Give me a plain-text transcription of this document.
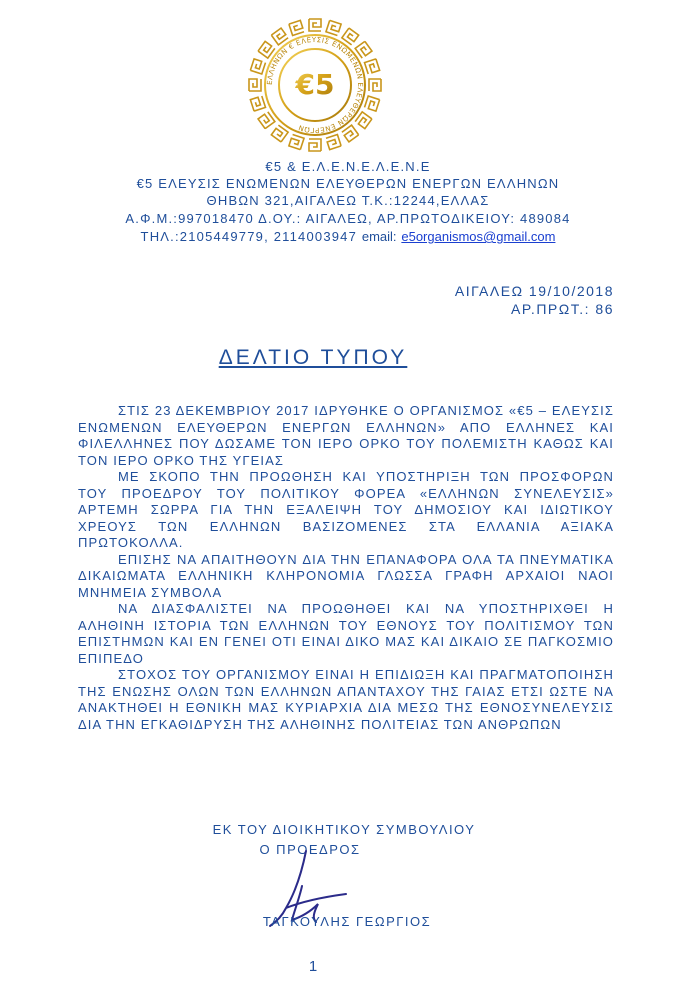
ΕΛΛΗΝΩΝ € ΕΛΕΥΣΙΣ ΕΝΩΜΕΝΩΝ ΕΛΕΥΘΕΡΩΝ ΕΝΕΡΓΩΝ
€5
€5 & Ε.Λ.Ε.Ν.Ε.Λ.Ε.Ν.Ε
€5 ΕΛΕΥΣΙΣ ΕΝΩΜΕΝΩΝ ΕΛΕΥΘΕΡΩΝ ΕΝΕΡΓΩΝ ΕΛΛΗΝΩΝ
ΘΗΒΩΝ 321,ΑΙΓΑΛΕΩ Τ.Κ.:12244,ΕΛΛΑΣ
Α.Φ.Μ.:997018470 Δ.ΟΥ.: ΑΙΓΑΛΕΩ, ΑΡ.ΠΡΩΤΟΔΙΚΕΙΟΥ: 489084
ΤΗΛ.:2105449779, 2114003947 email: e5organismos@gmail.com
ΑΙΓΑΛΕΩ 19/10/2018
ΑΡ.ΠΡΩΤ.: 86
ΔΕΛΤΙΟ ΤΥΠΟΥ

ΣΤΙΣ 23 ΔΕΚΕΜΒΡΙΟΥ 2017 ΙΔΡΥΘΗΚΕ Ο ΟΡΓΑΝΙΣΜΟΣ «€5 – ΕΛΕΥΣΙΣ ΕΝΩΜΕΝΩΝ ΕΛΕΥΘΕΡΩΝ ΕΝΕΡΓΩΝ ΕΛΛΗΝΩΝ» ΑΠΟ ΕΛΛΗΝΕΣ ΚΑΙ ΦΙΛΕΛΛΗΝΕΣ ΠΟΥ ΔΩΣΑΜΕ ΤΟΝ ΙΕΡΟ ΟΡΚΟ ΤΟΥ ΠΟΛΕΜΙΣΤΗ ΚΑΘΩΣ ΚΑΙ ΤΟΝ ΙΕΡΟ ΟΡΚΟ ΤΗΣ ΥΓΕΙΑΣ

ΜΕ ΣΚΟΠΟ ΤΗΝ ΠΡΟΩΘΗΣΗ ΚΑΙ ΥΠΟΣΤΗΡΙΞΗ ΤΩΝ ΠΡΟΣΦΟΡΩΝ ΤΟΥ ΠΡΟΕΔΡΟΥ ΤΟΥ ΠΟΛΙΤΙΚΟΥ ΦΟΡΕΑ «ΕΛΛΗΝΩΝ ΣΥΝΕΛΕΥΣΙΣ» ΑΡΤΕΜΗ ΣΩΡΡΑ ΓΙΑ ΤΗΝ ΕΞΑΛΕΙΨΗ ΤΟΥ ΔΗΜΟΣΙΟΥ ΚΑΙ ΙΔΙΩΤΙΚΟΥ ΧΡΕΟΥΣ ΤΩΝ ΕΛΛΗΝΩΝ ΒΑΣΙΖΟΜΕΝΕΣ ΣΤΑ ΕΛΛΑΝΙΑ ΑΞΙΑΚΑ ΠΡΩΤΟΚΟΛΛΑ.

ΕΠΙΣΗΣ ΝΑ ΑΠΑΙΤΗΘΟΥΝ ΔΙΑ ΤΗΝ ΕΠΑΝΑΦΟΡΑ ΟΛΑ ΤΑ ΠΝΕΥΜΑΤΙΚΑ ΔΙΚΑΙΩΜΑΤΑ ΕΛΛΗΝΙΚΗ ΚΛΗΡΟΝΟΜΙΑ ΓΛΩΣΣΑ ΓΡΑΦΗ ΑΡΧΑΙΟΙ ΝΑΟΙ ΜΝΗΜΕΙΑ ΣΥΜΒΟΛΑ

ΝΑ ΔΙΑΣΦΑΛΙΣΤΕΙ ΝΑ ΠΡΟΩΘΗΘΕΙ ΚΑΙ ΝΑ ΥΠΟΣΤΗΡΙΧΘΕΙ Η ΑΛΗΘΙΝΗ ΙΣΤΟΡΙΑ ΤΩΝ ΕΛΛΗΝΩΝ ΤΟΥ ΕΘΝΟΥΣ ΤΟΥ ΠΟΛΙΤΙΣΜΟΥ ΤΩΝ ΕΠΙΣΤΗΜΩΝ ΚΑΙ ΕΝ ΓΕΝΕΙ ΟΤΙ ΕΙΝΑΙ ΔΙΚΟ ΜΑΣ ΚΑΙ ΔΙΚΑΙΟ ΣΕ ΠΑΓΚΟΣΜΙΟ ΕΠΙΠΕΔΟ

ΣΤΟΧΟΣ ΤΟΥ ΟΡΓΑΝΙΣΜΟΥ ΕΙΝΑΙ Η ΕΠΙΔΙΩΞΗ ΚΑΙ ΠΡΑΓΜΑΤΟΠΟΙΗΣΗ ΤΗΣ ΕΝΩΣΗΣ ΟΛΩΝ ΤΩΝ ΕΛΛΗΝΩΝ ΑΠΑΝΤΑΧΟΥ ΤΗΣ ΓΑΙΑΣ ΕΤΣΙ ΩΣΤΕ ΝΑ ΑΝΑΚΤΗΘΕΙ Η ΕΘΝΙΚΗ ΜΑΣ ΚΥΡΙΑΡΧΙΑ ΔΙΑ ΜΕΣΩ ΤΗΣ ΕΘΝΟΣΥΝΕΛΕΥΣΙΣ ΔΙΑ ΤΗΝ ΕΓΚΑΘΙΔΡΥΣΗ ΤΗΣ ΑΛΗΘΙΝΗΣ ΠΟΛΙΤΕΙΑΣ ΤΩΝ ΑΝΘΡΩΠΩΝ

ΕΚ ΤΟΥ ΔΙΟΙΚΗΤΙΚΟΥ ΣΥΜΒΟΥΛΙΟΥ
Ο ΠΡΟΕΔΡΟΣ
ΤΑΓΚΟΥΛΗΣ ΓΕΩΡΓΙΟΣ
1
